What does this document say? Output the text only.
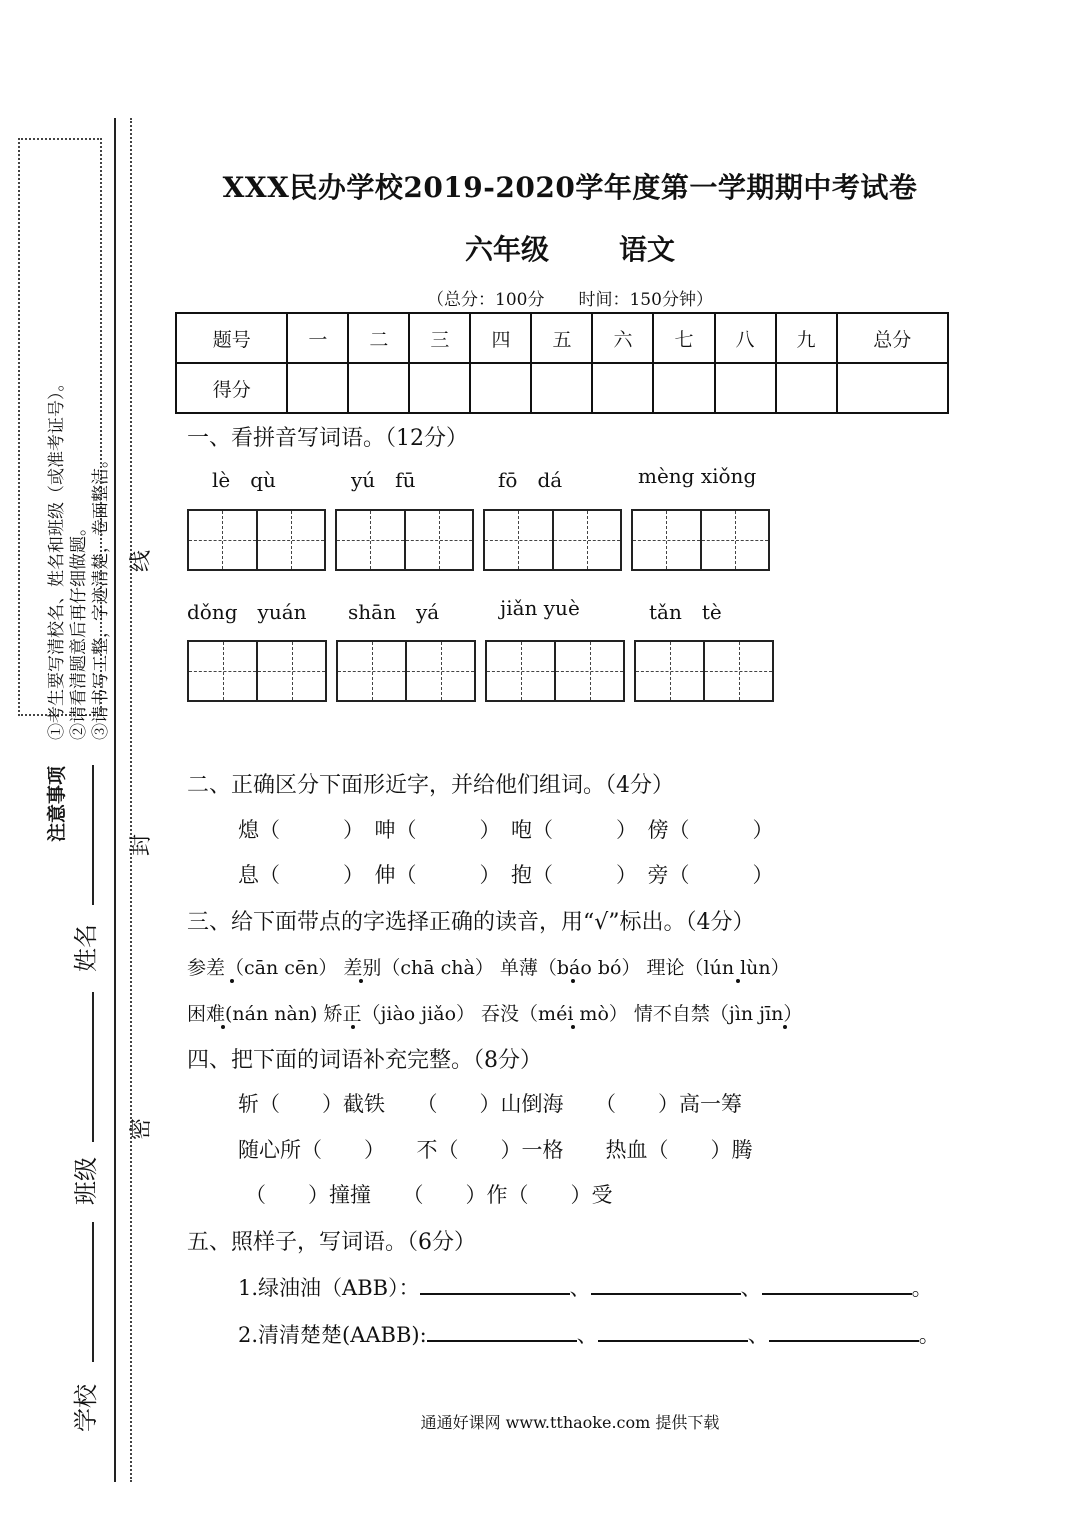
注意事项
①考生要写清校名、姓名和班级（或准考证号）。 ②请看清题意后再仔细做题。 ③请书写工整，字迹清楚，卷面整洁。 线
封
密
姓名
班级
学校
XXX民办学校2019-2020学年度第一学期期中考试卷
六年级	语文
（总分：100分　　时间：150分钟）
题号	一	二	三	四	五	六	七	八	九	总分
得分										
一、看拼音写词语。（12分）
lè　qù	yú　fū	fō　dá	mèng xiǒng
dǒng　yuán shān　yá	jiǎn yuè	tǎn　tè
二、正确区分下面形近字，并给他们组词。（4分）
熄（　　　）　呻（　　　）　咆（　　　）　傍（　　　）
息（　　　）　伸（　　　）　抱（　　　）　旁（　　　）
三、给下面带点的字选择正确的读音，用“√”标出。（4分）
参差（cān cēn） 差别（chā chà） 单薄（báo bó） 理论（lún lùn）
困难(nán nàn) 矫正（jiào jiǎo） 吞没（méi mò） 情不自禁（jìn jīn）
四、把下面的词语补充完整。（8分）
斩（　　）截铁　　（　　）山倒海　　（　　）高一筹
随心所（　　）　　不（　　）一格　　热血（　　）腾
（　　）撞撞　　（　　）作（　　）受
五、照样子，写词语。（6分）
1.绿油油（ABB）：	、	、	。
2.清清楚楚(AABB):	、	、	。
通通好课网 www.tthaoke.com 提供下载
